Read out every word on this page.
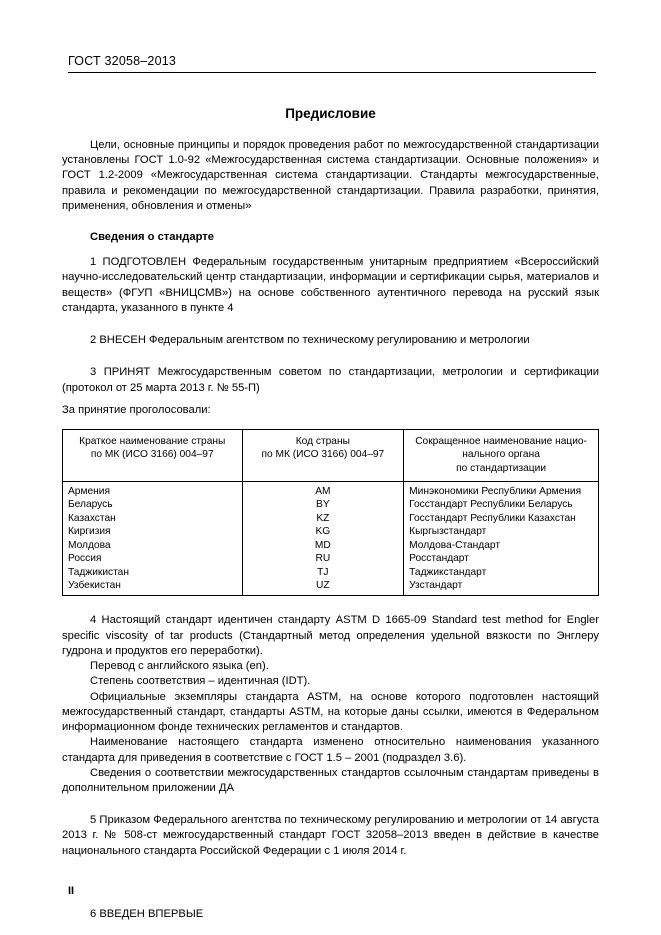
ГОСТ 32058–2013
Предисловие

Цели, основные принципы и порядок проведения работ по межгосударственной стандартизации установлены ГОСТ 1.0-92 «Межгосударственная система стандартизации. Основные положения» и ГОСТ 1.2-2009 «Межгосударственная система стандартизации. Стандарты межгосударственные, правила и рекомендации по межгосударственной стандартизации. Правила разработки, принятия, применения, обновления и отмены»

Сведения о стандарте

1 ПОДГОТОВЛЕН Федеральным государственным унитарным предприятием «Всероссийский научно-исследовательский центр стандартизации, информации и сертификации сырья, материалов и веществ» (ФГУП «ВНИЦСМВ») на основе собственного аутентичного перевода на русский язык стандарта, указанного в пункте 4

2 ВНЕСЕН Федеральным агентством по техническому регулированию и метрологии

3 ПРИНЯТ Межгосударственным советом по стандартизации, метрологии и сертификации (протокол от 25 марта 2013 г. № 55-П)

За принятие проголосовали:

Краткое наименование страны
по МК (ИСО 3166) 004–97

Код страны
по МК (ИСО 3166) 004–97

Сокращенное наименование нацио-
нального органа
по стандартизации

Армения	AM	Минэкономики Республики Армения
Беларусь	BY	Госстандарт Республики Беларусь
Казахстан	KZ	Госстандарт Республики Казахстан
Киргизия	KG	Кыргызстандарт
Молдова	MD	Молдова-Стандарт
Россия	RU	Росстандарт
Таджикистан	TJ	Таджикстандарт
Узбекистан	UZ	Узстандарт

4 Настоящий стандарт идентичен стандарту ASTM D 1665-09 Standard test method for Engler specific viscosity of tar products (Стандартный метод определения удельной вязкости по Энглеру гудрона и продуктов его переработки).

Перевод с английского языка (en).

Степень соответствия – идентичная (IDT).

Официальные экземпляры стандарта ASTM, на основе которого подготовлен настоящий межгосударственный стандарт, стандарты ASTM, на которые даны ссылки, имеются в Федеральном информационном фонде технических регламентов и стандартов.

Наименование настоящего стандарта изменено относительно наименования указанного стандарта для приведения в соответствие с ГОСТ 1.5 – 2001 (подраздел 3.6).

Сведения о соответствии межгосударственных стандартов ссылочным стандартам приведены в дополнительном приложении ДА

5 Приказом Федерального агентства по техническому регулированию и метрологии от 14 августа 2013 г. № 508-ст межгосударственный стандарт ГОСТ 32058–2013 введен в действие в качестве национального стандарта Российской Федерации с 1 июля 2014 г.

6 ВВЕДЕН ВПЕРВЫЕ

II
